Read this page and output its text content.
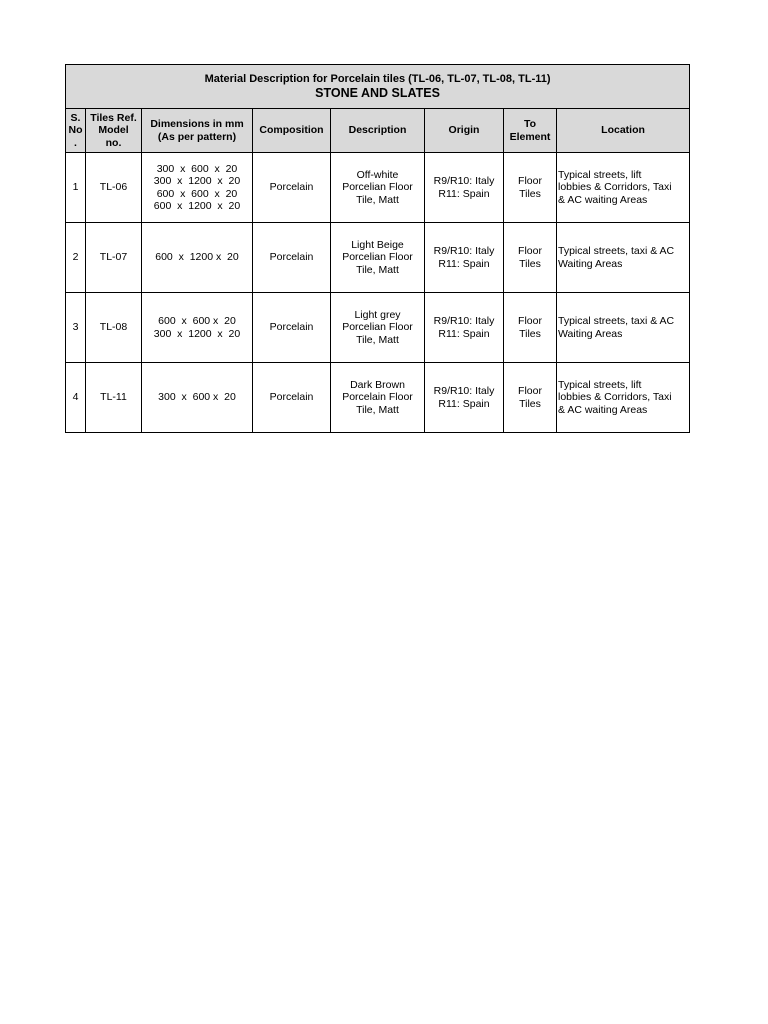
Material Description for Porcelain tiles (TL-06, TL-07, TL-08, TL-11)
STONE AND SLATES							

S.
No
.	Tiles Ref.
Model
no.	Dimensions in mm
(As per pattern)	Composition	Description	Origin	To
Element	Location

1	TL-06	300  x  600  x  20
300  x  1200  x  20
600  x  600  x  20
600  x  1200  x  20	Porcelain	Off-white
Porcelian Floor
Tile, Matt	R9/R10: Italy
R11: Spain	Floor
Tiles	Typical streets, lift
lobbies & Corridors, Taxi
& AC waiting Areas

2	TL-07	600  x  1200 x  20	Porcelain	Light Beige
Porcelian Floor
Tile, Matt	R9/R10: Italy
R11: Spain	Floor
Tiles	Typical streets, taxi & AC
Waiting Areas

3	TL-08	600  x  600 x  20
300  x  1200  x  20	Porcelain	Light grey
Porcelian Floor
Tile, Matt	R9/R10: Italy
R11: Spain	Floor
Tiles	Typical streets, taxi & AC
Waiting Areas

4	TL-11	300  x  600 x  20	Porcelain	Dark Brown
Porcelain Floor
Tile, Matt	R9/R10: Italy
R11: Spain	Floor
Tiles	Typical streets, lift
lobbies & Corridors, Taxi
& AC waiting Areas
